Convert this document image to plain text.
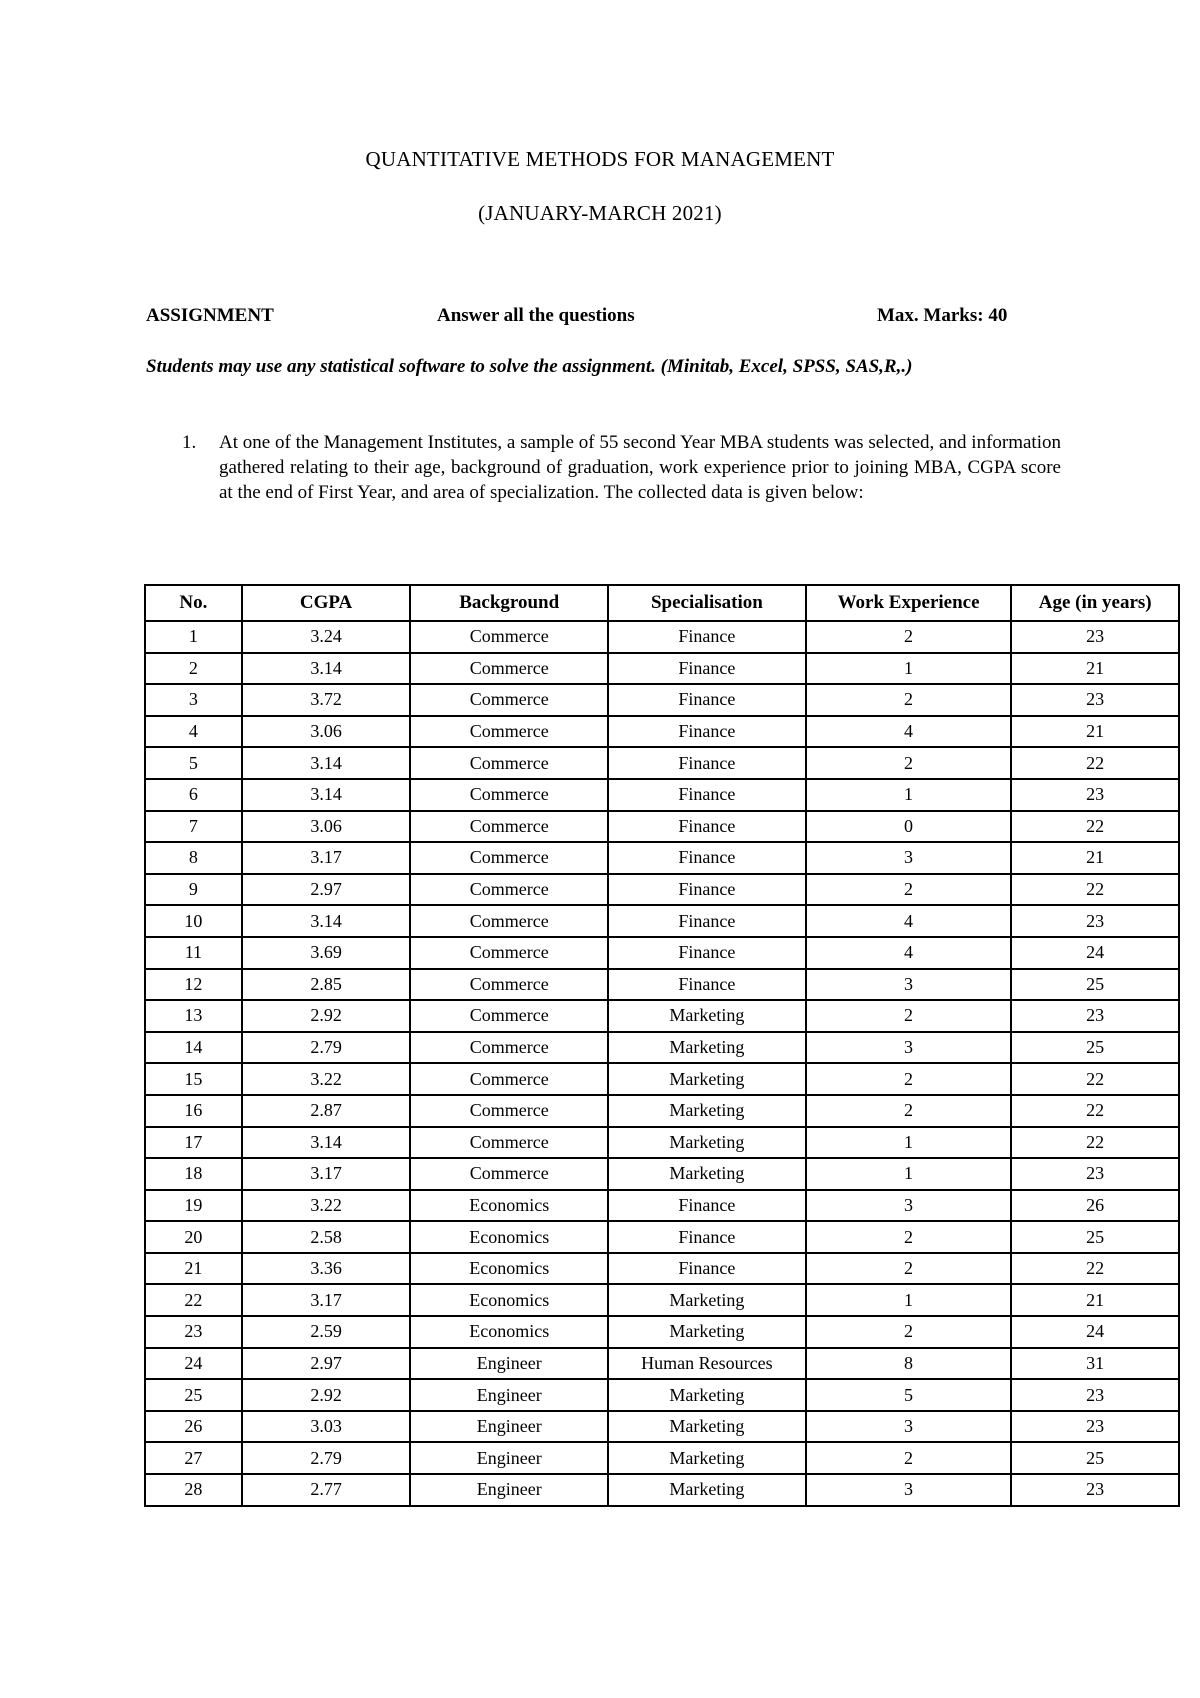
QUANTITATIVE METHODS FOR MANAGEMENT
(JANUARY-MARCH 2021)
ASSIGNMENT	Answer all the questions	Max. Marks: 40
Students may use any statistical software to solve the assignment. (Minitab, Excel, SPSS, SAS,R,.)
1.	At one of the Management Institutes, a sample of 55 second Year MBA students was selected, and information gathered relating to their age, background of graduation, work experience prior to joining MBA, CGPA score at the end of First Year, and area of specialization. The collected data is given below:
No.	CGPA	Background	Specialisation	Work Experience	Age (in years)
1	3.24	Commerce	Finance	2	23
2	3.14	Commerce	Finance	1	21
3	3.72	Commerce	Finance	2	23
4	3.06	Commerce	Finance	4	21
5	3.14	Commerce	Finance	2	22
6	3.14	Commerce	Finance	1	23
7	3.06	Commerce	Finance	0	22
8	3.17	Commerce	Finance	3	21
9	2.97	Commerce	Finance	2	22
10	3.14	Commerce	Finance	4	23
11	3.69	Commerce	Finance	4	24
12	2.85	Commerce	Finance	3	25
13	2.92	Commerce	Marketing	2	23
14	2.79	Commerce	Marketing	3	25
15	3.22	Commerce	Marketing	2	22
16	2.87	Commerce	Marketing	2	22
17	3.14	Commerce	Marketing	1	22
18	3.17	Commerce	Marketing	1	23
19	3.22	Economics	Finance	3	26
20	2.58	Economics	Finance	2	25
21	3.36	Economics	Finance	2	22
22	3.17	Economics	Marketing	1	21
23	2.59	Economics	Marketing	2	24
24	2.97	Engineer	Human Resources	8	31
25	2.92	Engineer	Marketing	5	23
26	3.03	Engineer	Marketing	3	23
27	2.79	Engineer	Marketing	2	25
28	2.77	Engineer	Marketing	3	23
